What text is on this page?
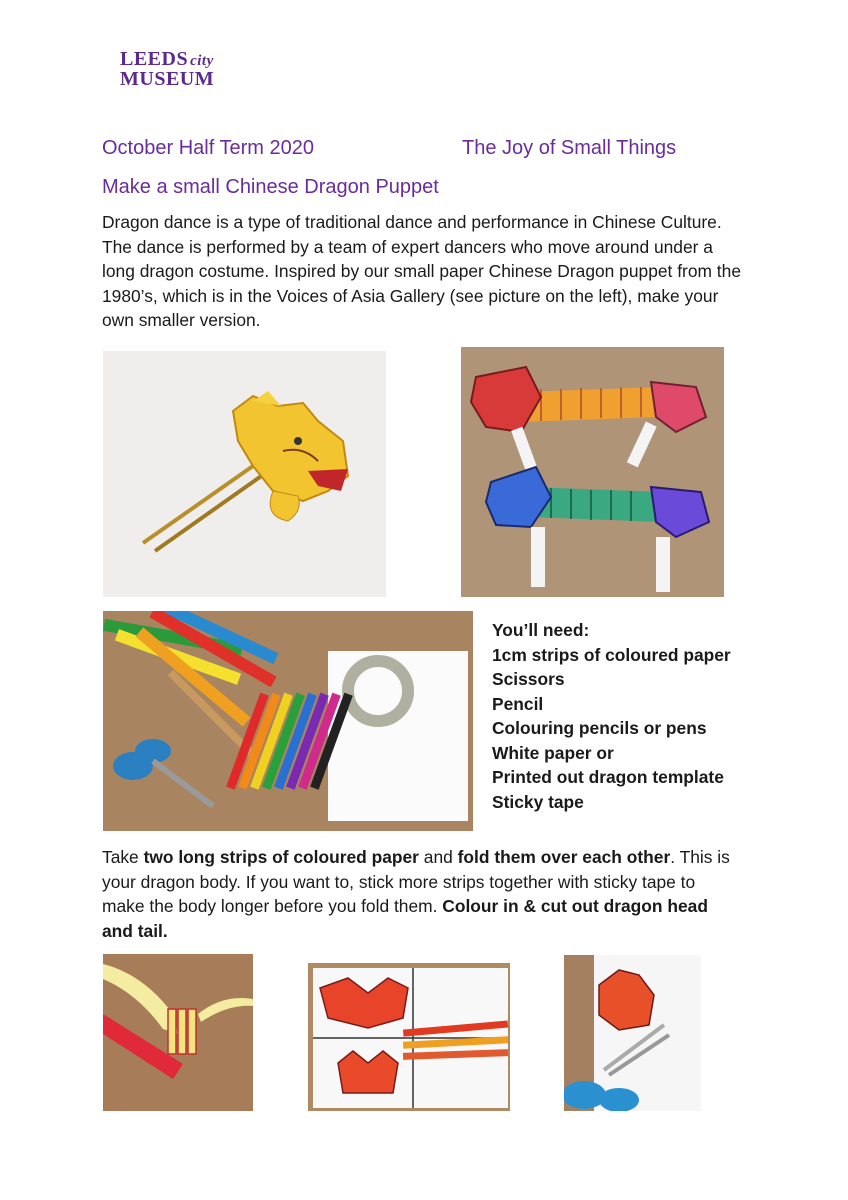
LEEDS city
MUSEUM
October Half Term 2020	The Joy of Small Things
Make a small Chinese Dragon Puppet
Dragon dance is a type of traditional dance and performance in Chinese Culture. The dance is performed by a team of expert dancers who move around under a long dragon costume. Inspired by our small paper Chinese Dragon puppet from the 1980’s, which is in the Voices of Asia Gallery (see picture on the left), make your own smaller version.
You’ll need:
1cm strips of coloured paper
Scissors
Pencil
Colouring pencils or pens
White paper or
Printed out dragon template
Sticky tape
Take two long strips of coloured paper and fold them over each other. This is your dragon body. If you want to, stick more strips together with sticky tape to make the body longer before you fold them. Colour in & cut out dragon head and tail.
